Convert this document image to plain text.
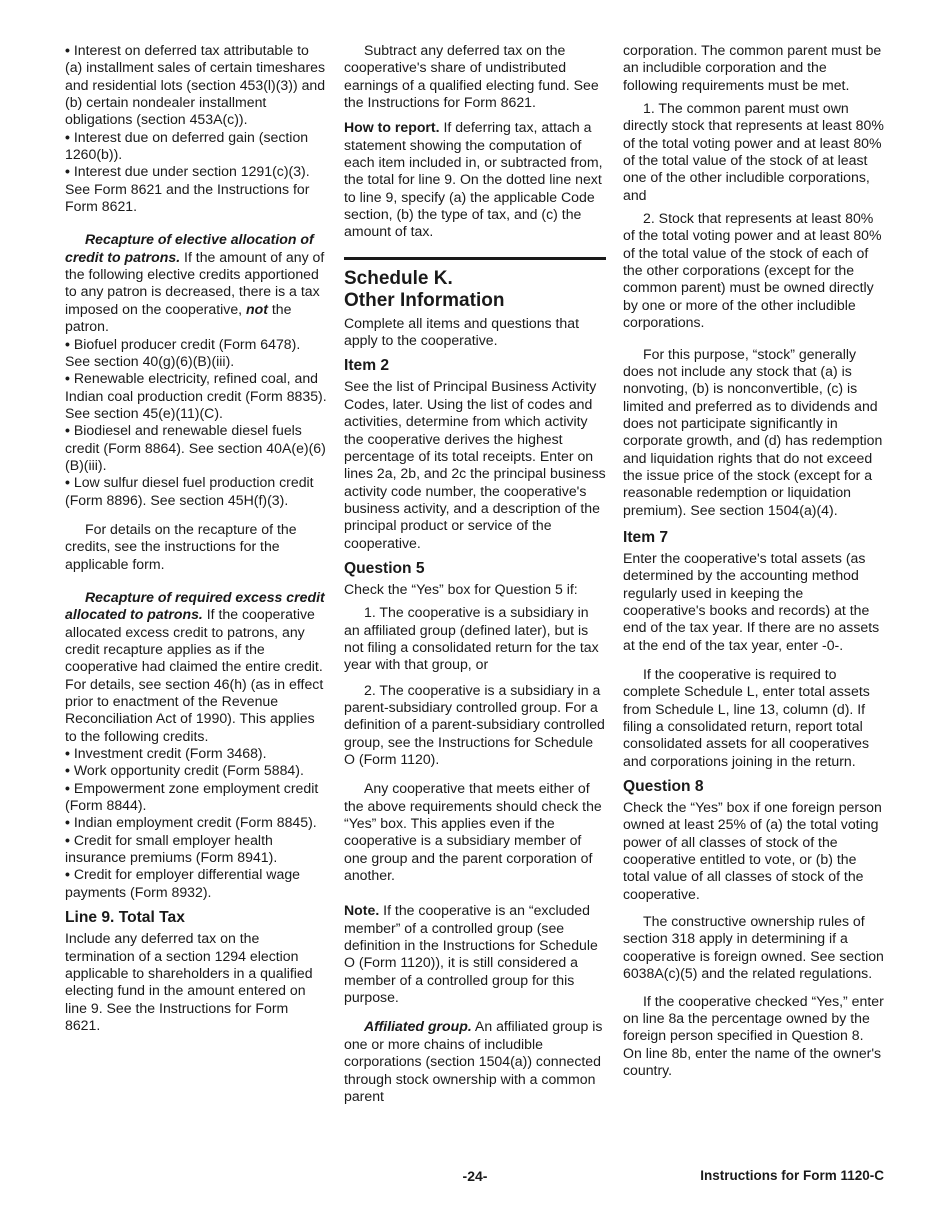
• Interest on deferred tax attributable to (a) installment sales of certain timeshares and residential lots (section 453(l)(3)) and (b) certain nondealer installment obligations (section 453A(c)).
• Interest due on deferred gain (section 1260(b)).
• Interest due under section 1291(c)(3). See Form 8621 and the Instructions for Form 8621.

Recapture of elective allocation of credit to patrons. If the amount of any of the following elective credits apportioned to any patron is decreased, there is a tax imposed on the cooperative, not the patron.

• Biofuel producer credit (Form 6478). See section 40(g)(6)(B)(iii).
• Renewable electricity, refined coal, and Indian coal production credit (Form 8835). See section 45(e)(11)(C).
• Biodiesel and renewable diesel fuels credit (Form 8864). See section 40A(e)(6)(B)(iii).
• Low sulfur diesel fuel production credit (Form 8896). See section 45H(f)(3).

For details on the recapture of the credits, see the instructions for the applicable form.

Recapture of required excess credit allocated to patrons. If the cooperative allocated excess credit to patrons, any credit recapture applies as if the cooperative had claimed the entire credit. For details, see section 46(h) (as in effect prior to enactment of the Revenue Reconciliation Act of 1990). This applies to the following credits.

• Investment credit (Form 3468).
• Work opportunity credit (Form 5884).
• Empowerment zone employment credit (Form 8844).
• Indian employment credit (Form 8845).
• Credit for small employer health insurance premiums (Form 8941).
• Credit for employer differential wage payments (Form 8932).
Line 9. Total Tax

Include any deferred tax on the termination of a section 1294 election applicable to shareholders in a qualified electing fund in the amount entered on line 9. See the Instructions for Form 8621.

Subtract any deferred tax on the cooperative's share of undistributed earnings of a qualified electing fund. See the Instructions for Form 8621.

How to report. If deferring tax, attach a statement showing the computation of each item included in, or subtracted from, the total for line 9. On the dotted line next to line 9, specify (a) the applicable Code section, (b) the type of tax, and (c) the amount of tax.

Schedule K.
Other Information

Complete all items and questions that apply to the cooperative.

Item 2

See the list of Principal Business Activity Codes, later. Using the list of codes and activities, determine from which activity the cooperative derives the highest percentage of its total receipts. Enter on lines 2a, 2b, and 2c the principal business activity code number, the cooperative's business activity, and a description of the principal product or service of the cooperative.

Question 5

Check the “Yes” box for Question 5 if:

1. The cooperative is a subsidiary in an affiliated group (defined later), but is not filing a consolidated return for the tax year with that group, or

2. The cooperative is a subsidiary in a parent-subsidiary controlled group. For a definition of a parent-subsidiary controlled group, see the Instructions for Schedule O (Form 1120).

Any cooperative that meets either of the above requirements should check the “Yes” box. This applies even if the cooperative is a subsidiary member of one group and the parent corporation of another.

Note. If the cooperative is an “excluded member” of a controlled group (see definition in the Instructions for Schedule O (Form 1120)), it is still considered a member of a controlled group for this purpose.

Affiliated group. An affiliated group is one or more chains of includible corporations (section 1504(a)) connected through stock ownership with a common parent

corporation. The common parent must be an includible corporation and the following requirements must be met.

1. The common parent must own directly stock that represents at least 80% of the total voting power and at least 80% of the total value of the stock of at least one of the other includible corporations, and

2. Stock that represents at least 80% of the total voting power and at least 80% of the total value of the stock of each of the other corporations (except for the common parent) must be owned directly by one or more of the other includible corporations.

For this purpose, “stock” generally does not include any stock that (a) is nonvoting, (b) is nonconvertible, (c) is limited and preferred as to dividends and does not participate significantly in corporate growth, and (d) has redemption and liquidation rights that do not exceed the issue price of the stock (except for a reasonable redemption or liquidation premium). See section 1504(a)(4).

Item 7

Enter the cooperative's total assets (as determined by the accounting method regularly used in keeping the cooperative's books and records) at the end of the tax year. If there are no assets at the end of the tax year, enter -0-.

If the cooperative is required to complete Schedule L, enter total assets from Schedule L, line 13, column (d). If filing a consolidated return, report total consolidated assets for all cooperatives and corporations joining in the return.

Question 8

Check the “Yes” box if one foreign person owned at least 25% of (a) the total voting power of all classes of stock of the cooperative entitled to vote, or (b) the total value of all classes of stock of the cooperative.

The constructive ownership rules of section 318 apply in determining if a cooperative is foreign owned. See section 6038A(c)(5) and the related regulations.

If the cooperative checked “Yes,” enter on line 8a the percentage owned by the foreign person specified in Question 8. On line 8b, enter the name of the owner's country.

-24-	Instructions for Form 1120-C
